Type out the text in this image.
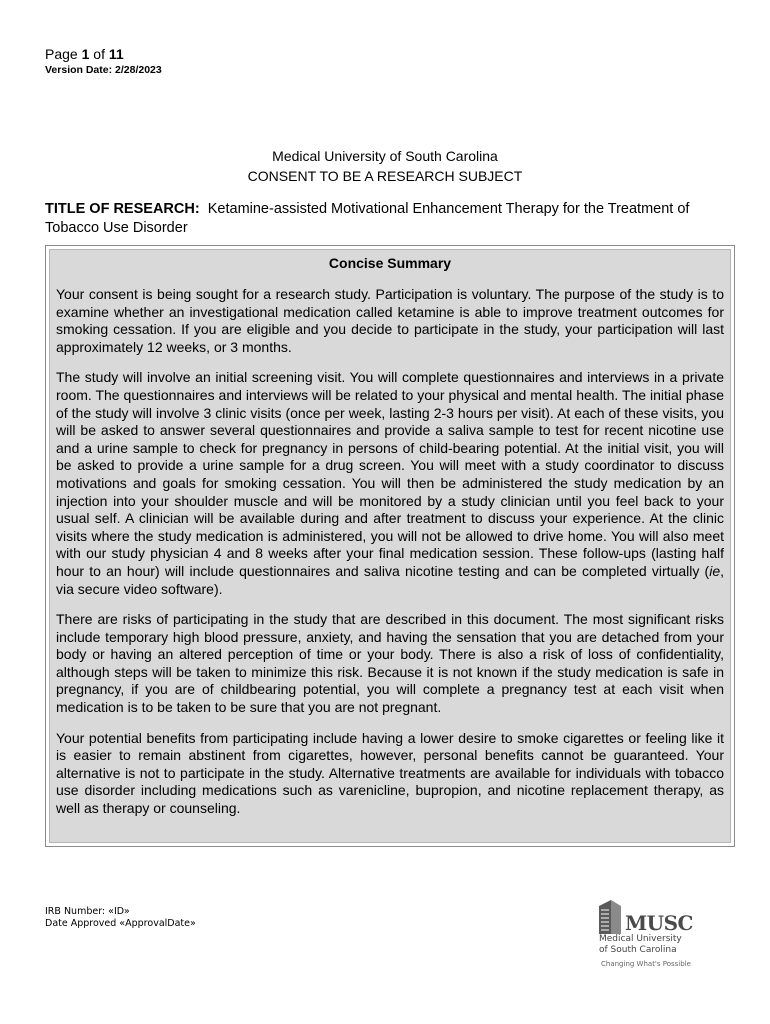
Page 1 of 11
Version Date: 2/28/2023
Medical University of South Carolina
CONSENT TO BE A RESEARCH SUBJECT
TITLE OF RESEARCH: Ketamine-assisted Motivational Enhancement Therapy for the Treatment of Tobacco Use Disorder
Concise Summary

Your consent is being sought for a research study. Participation is voluntary. The purpose of the study is to examine whether an investigational medication called ketamine is able to improve treatment outcomes for smoking cessation. If you are eligible and you decide to participate in the study, your participation will last approximately 12 weeks, or 3 months.

The study will involve an initial screening visit. You will complete questionnaires and interviews in a private room. The questionnaires and interviews will be related to your physical and mental health. The initial phase of the study will involve 3 clinic visits (once per week, lasting 2-3 hours per visit). At each of these visits, you will be asked to answer several questionnaires and provide a saliva sample to test for recent nicotine use and a urine sample to check for pregnancy in persons of child-bearing potential. At the initial visit, you will be asked to provide a urine sample for a drug screen. You will meet with a study coordinator to discuss motivations and goals for smoking cessation. You will then be administered the study medication by an injection into your shoulder muscle and will be monitored by a study clinician until you feel back to your usual self. A clinician will be available during and after treatment to discuss your experience. At the clinic visits where the study medication is administered, you will not be allowed to drive home. You will also meet with our study physician 4 and 8 weeks after your final medication session. These follow-ups (lasting half hour to an hour) will include questionnaires and saliva nicotine testing and can be completed virtually (ie, via secure video software).

There are risks of participating in the study that are described in this document. The most significant risks include temporary high blood pressure, anxiety, and having the sensation that you are detached from your body or having an altered perception of time or your body. There is also a risk of loss of confidentiality, although steps will be taken to minimize this risk. Because it is not known if the study medication is safe in pregnancy, if you are of childbearing potential, you will complete a pregnancy test at each visit when medication is to be taken to be sure that you are not pregnant.

Your potential benefits from participating include having a lower desire to smoke cigarettes or feeling like it is easier to remain abstinent from cigarettes, however, personal benefits cannot be guaranteed. Your alternative is not to participate in the study. Alternative treatments are available for individuals with tobacco use disorder including medications such as varenicline, bupropion, and nicotine replacement therapy, as well as therapy or counseling.

IRB Number: «ID»
Date Approved «ApprovalDate»	MUSC
Medical University
of South Carolina
Changing What's Possible
